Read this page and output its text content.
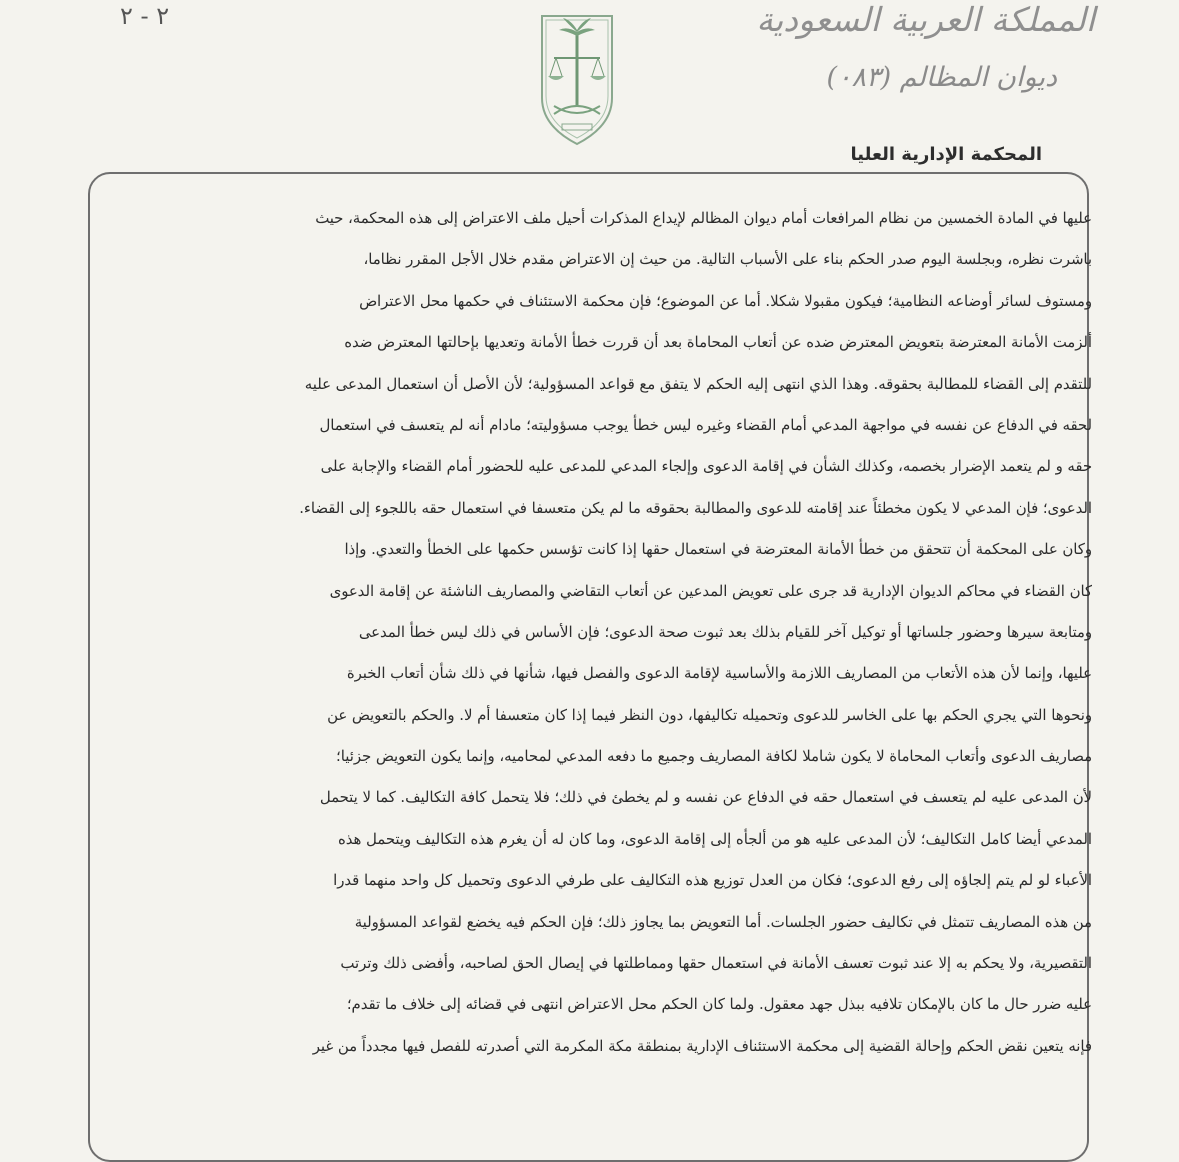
المملكة العربية السعودية
ديوان المظالم (٠٨٣)
٢ - ٢
المحكمة الإدارية العليا
عليها في المادة الخمسين من نظام المرافعات أمام ديوان المظالم لإيداع المذكرات أحيل ملف الاعتراض إلى هذه المحكمة، حيث
باشرت نظره، وبجلسة اليوم صدر الحكم بناء على الأسباب التالية. من حيث إن الاعتراض مقدم خلال الأجل المقرر نظاما،
ومستوف لسائر أوضاعه النظامية؛ فيكون مقبولا شكلا. أما عن الموضوع؛ فإن محكمة الاستئناف في حكمها محل الاعتراض
ألزمت الأمانة المعترضة بتعويض المعترض ضده عن أتعاب المحاماة بعد أن قررت خطأ الأمانة وتعديها بإحالتها المعترض ضده
للتقدم إلى القضاء للمطالبة بحقوقه. وهذا الذي انتهى إليه الحكم لا يتفق مع قواعد المسؤولية؛ لأن الأصل أن استعمال المدعى عليه
لحقه في الدفاع عن نفسه في مواجهة المدعي أمام القضاء وغيره ليس خطأ يوجب مسؤوليته؛ مادام أنه لم يتعسف في استعمال
حقه و لم يتعمد الإضرار بخصمه، وكذلك الشأن في إقامة الدعوى وإلجاء المدعي للمدعى عليه للحضور أمام القضاء والإجابة على
الدعوى؛ فإن المدعي لا يكون مخطئاً عند إقامته للدعوى والمطالبة بحقوقه ما لم يكن متعسفا في استعمال حقه باللجوء إلى القضاء.
وكان على المحكمة أن تتحقق من خطأ الأمانة المعترضة في استعمال حقها إذا كانت تؤسس حكمها على الخطأ والتعدي. وإذا
كان القضاء في محاكم الديوان الإدارية قد جرى على تعويض المدعين عن أتعاب التقاضي والمصاريف الناشئة عن إقامة الدعوى
ومتابعة سيرها وحضور جلساتها أو توكيل آخر للقيام بذلك بعد ثبوت صحة الدعوى؛ فإن الأساس في ذلك ليس خطأ المدعى
عليها، وإنما لأن هذه الأتعاب من المصاريف اللازمة والأساسية لإقامة الدعوى والفصل فيها، شأنها في ذلك شأن أتعاب الخبرة
ونحوها التي يجري الحكم بها على الخاسر للدعوى وتحميله تكاليفها، دون النظر فيما إذا كان متعسفا أم لا. والحكم بالتعويض عن
مصاريف الدعوى وأتعاب المحاماة لا يكون شاملا لكافة المصاريف وجميع ما دفعه المدعي لمحاميه، وإنما يكون التعويض جزئيا؛
لأن المدعى عليه لم يتعسف في استعمال حقه في الدفاع عن نفسه و لم يخطئ في ذلك؛ فلا يتحمل كافة التكاليف. كما لا يتحمل
المدعي أيضا كامل التكاليف؛ لأن المدعى عليه هو من ألجأه إلى إقامة الدعوى، وما كان له أن يغرم هذه التكاليف ويتحمل هذه
الأعباء لو لم يتم إلجاؤه إلى رفع الدعوى؛ فكان من العدل توزيع هذه التكاليف على طرفي الدعوى وتحميل كل واحد منهما قدرا
من هذه المصاريف تتمثل في تكاليف حضور الجلسات. أما التعويض بما يجاوز ذلك؛ فإن الحكم فيه يخضع لقواعد المسؤولية
التقصيرية، ولا يحكم به إلا عند ثبوت تعسف الأمانة في استعمال حقها ومماطلتها في إيصال الحق لصاحبه، وأفضى ذلك وترتب
عليه ضرر حال ما كان بالإمكان تلافيه ببذل جهد معقول. ولما كان الحكم محل الاعتراض انتهى في قضائه إلى خلاف ما تقدم؛
فإنه يتعين نقض الحكم وإحالة القضية إلى محكمة الاستئناف الإدارية بمنطقة مكة المكرمة التي أصدرته للفصل فيها مجدداً من غير
